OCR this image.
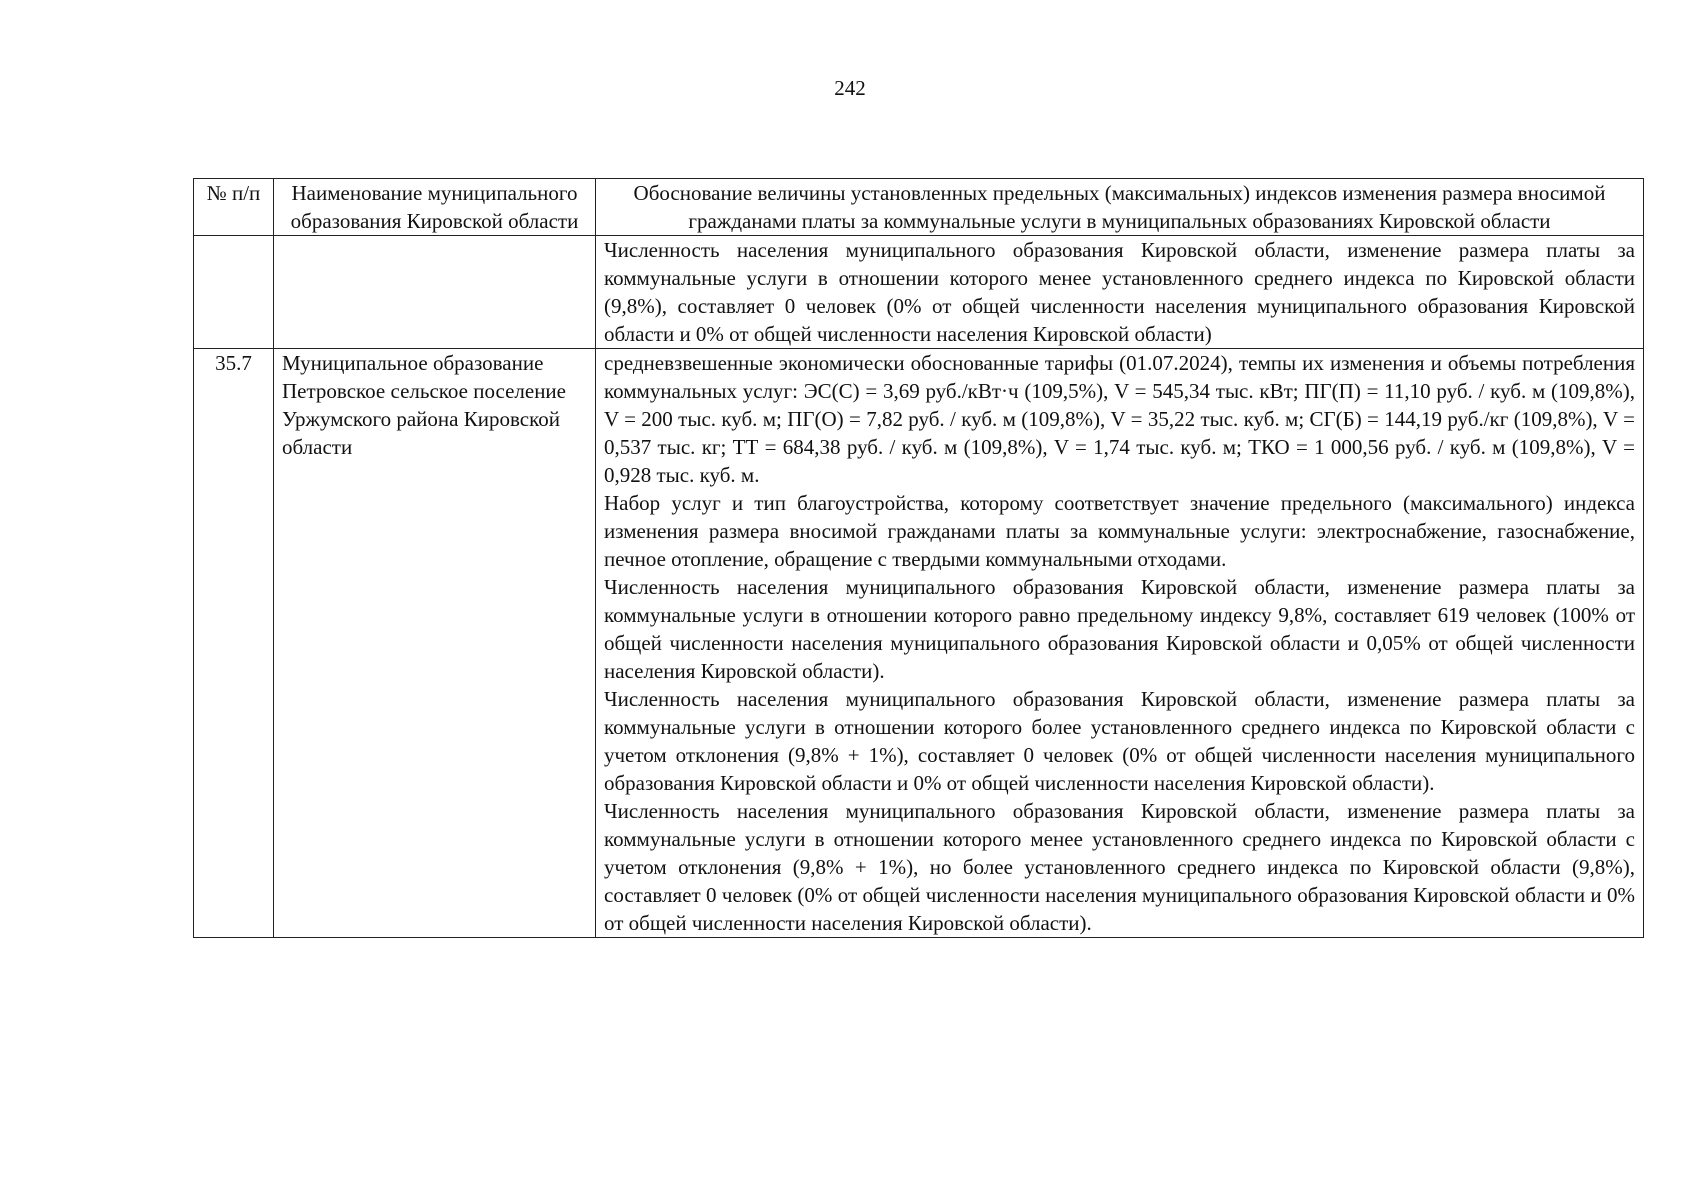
242
№ п/п	Наименование муниципального образования Кировской области	Обоснование величины установленных предельных (максимальных) индексов изменения размера вносимой гражданами платы за коммунальные услуги в муниципальных образованиях Кировской области

		Численность населения муниципального образования Кировской области, изменение размера платы за коммунальные услуги в отношении которого менее установленного среднего индекса по Кировской области (9,8%), составляет 0 человек (0% от общей численности населения муниципального образования Кировской области и 0% от общей численности населения Кировской области)

35.7	Муниципальное образование Петровское сельское поселение Уржумского района Кировской области	средневзвешенные экономически обоснованные тарифы (01.07.2024), темпы их изменения и объемы потребления коммунальных услуг: ЭС(С) = 3,69 руб./кВт·ч (109,5%), V = 545,34 тыс. кВт; ПГ(П) = 11,10 руб. / куб. м (109,8%), V = 200 тыс. куб. м; ПГ(О) = 7,82 руб. / куб. м (109,8%), V = 35,22 тыс. куб. м; СГ(Б) = 144,19 руб./кг (109,8%), V = 0,537 тыс. кг; ТТ = 684,38 руб. / куб. м (109,8%), V = 1,74 тыс. куб. м; ТКО = 1 000,56 руб. / куб. м (109,8%), V = 0,928 тыс. куб. м.

Набор услуг и тип благоустройства, которому соответствует значение предельного (максимального) индекса изменения размера вносимой гражданами платы за коммунальные услуги: электроснабжение, газоснабжение, печное отопление, обращение с твердыми коммунальными отходами.

Численность населения муниципального образования Кировской области, изменение размера платы за коммунальные услуги в отношении которого равно предельному индексу 9,8%, составляет 619 человек (100% от общей численности населения муниципального образования Кировской области и 0,05% от общей численности населения Кировской области).

Численность населения муниципального образования Кировской области, изменение размера платы за коммунальные услуги в отношении которого более установленного среднего индекса по Кировской области с учетом отклонения (9,8% + 1%), составляет 0 человек (0% от общей численности населения муниципального образования Кировской области и 0% от общей численности населения Кировской области).

Численность населения муниципального образования Кировской области, изменение размера платы за коммунальные услуги в отношении которого менее установленного среднего индекса по Кировской области с учетом отклонения (9,8% + 1%), но более установленного среднего индекса по Кировской области (9,8%), составляет 0 человек (0% от общей численности населения муниципального образования Кировской области и 0% от общей численности населения Кировской области).
